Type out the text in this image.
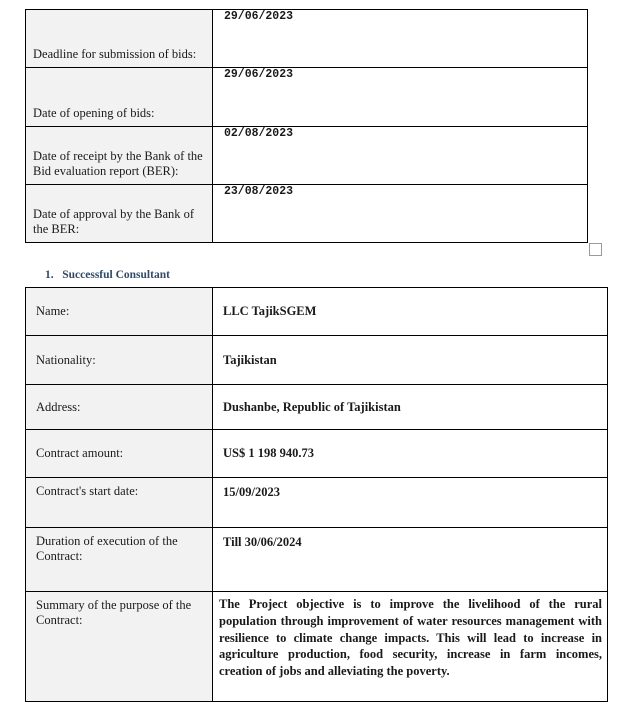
Deadline for submission of bids:	29/06/2023
Date of opening of bids:	29/06/2023
Date of receipt by the Bank of the Bid evaluation report (BER):	02/08/2023
Date of approval by the Bank of the BER:	23/08/2023

1. Successful Consultant

Name:	LLC TajikSGEM
Nationality:	Tajikistan
Address:	Dushanbe, Republic of Tajikistan
Contract amount:	US$ 1 198 940.73
Contract's start date:	15/09/2023
Duration of execution of the Contract:	Till 30/06/2024
Summary of the purpose of the Contract:	The Project objective is to improve the livelihood of the rural population through improvement of water resources management with resilience to climate change impacts. This will lead to increase in agriculture production, food security, increase in farm incomes, creation of jobs and alleviating the poverty.
